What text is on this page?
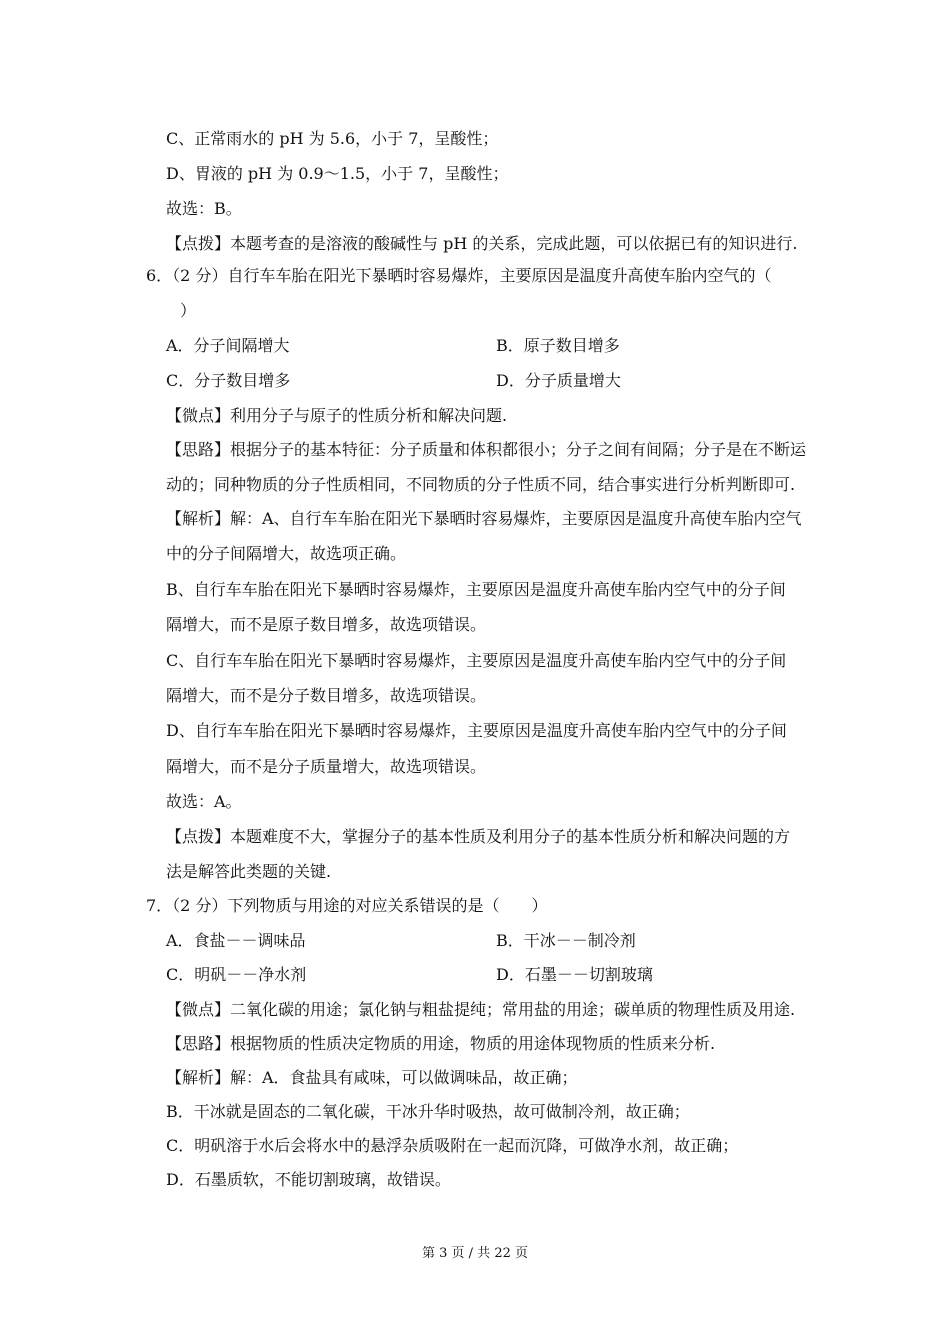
C、正常雨水的 pH 为 5.6，小于 7，呈酸性；
D、胃液的 pH 为 0.9～1.5，小于 7，呈酸性；
故选：B。
【点拨】本题考查的是溶液的酸碱性与 pH 的关系，完成此题，可以依据已有的知识进行.
6．（2 分）自行车车胎在阳光下暴晒时容易爆炸，主要原因是温度升高使车胎内空气的（
）
A．分子间隔增大	B．原子数目增多
C．分子数目增多	D．分子质量增大
【微点】利用分子与原子的性质分析和解决问题.
【思路】根据分子的基本特征：分子质量和体积都很小；分子之间有间隔；分子是在不断运
动的；同种物质的分子性质相同，不同物质的分子性质不同，结合事实进行分析判断即可.
【解析】解：A、自行车车胎在阳光下暴晒时容易爆炸，主要原因是温度升高使车胎内空气
中的分子间隔增大，故选项正确。
B、自行车车胎在阳光下暴晒时容易爆炸，主要原因是温度升高使车胎内空气中的分子间
隔增大，而不是原子数目增多，故选项错误。
C、自行车车胎在阳光下暴晒时容易爆炸，主要原因是温度升高使车胎内空气中的分子间
隔增大，而不是分子数目增多，故选项错误。
D、自行车车胎在阳光下暴晒时容易爆炸，主要原因是温度升高使车胎内空气中的分子间
隔增大，而不是分子质量增大，故选项错误。
故选：A。
【点拨】本题难度不大，掌握分子的基本性质及利用分子的基本性质分析和解决问题的方
法是解答此类题的关键.
7．（2 分）下列物质与用途的对应关系错误的是（　　）
A．食盐－－调味品	B．干冰－－制冷剂
C．明矾－－净水剂	D．石墨－－切割玻璃
【微点】二氧化碳的用途；氯化钠与粗盐提纯；常用盐的用途；碳单质的物理性质及用途.
【思路】根据物质的性质决定物质的用途，物质的用途体现物质的性质来分析.
【解析】解：A．食盐具有咸味，可以做调味品，故正确；
B．干冰就是固态的二氧化碳，干冰升华时吸热，故可做制冷剂，故正确；
C．明矾溶于水后会将水中的悬浮杂质吸附在一起而沉降，可做净水剂，故正确；
D．石墨质软，不能切割玻璃，故错误。
第 3 页 / 共 22 页
